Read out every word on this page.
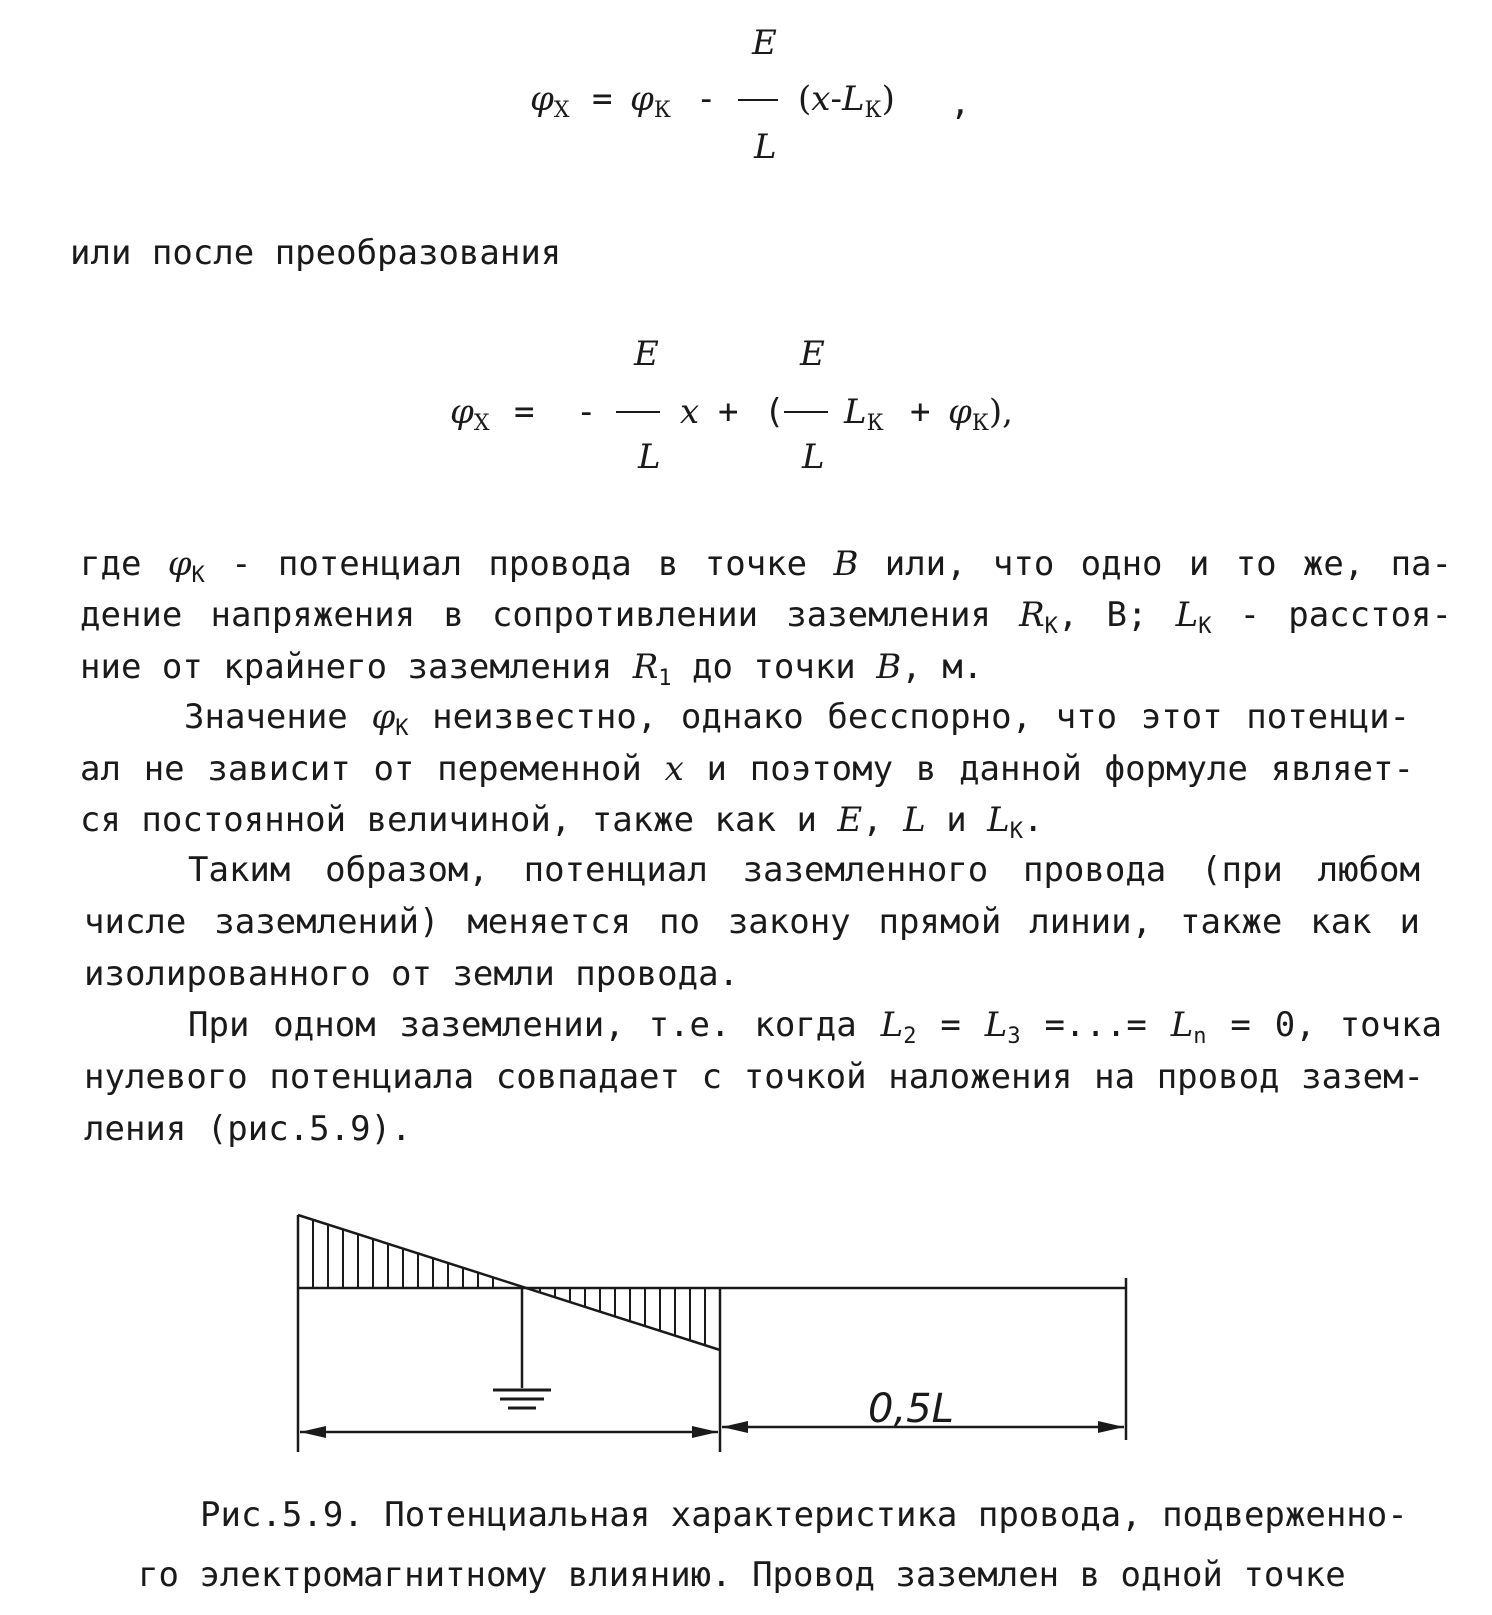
$\varphi_X = \varphi_К$ -
E
L
$(x-L_К)$ ,
или после преобразования
$\varphi_X$ = -
E
L
x + (
E
L
$L_К + \varphi_К$),
где $\varphi_К$ - потенциал провода в точке B или, что одно и то же, па-
дение напряжения в сопротивлении заземления $R_К$, В; $L_К$ - расстоя-
ние от крайнего заземления $R_1$ до точки B, м.
Значение $\varphi_К$ неизвестно, однако бесспорно, что этот потенци-
ал не зависит от переменной x и поэтому в данной формуле являет-
ся постоянной величиной, также как и E, L и $L_К$.
Таким образом, потенциал заземленного провода (при любом
числе заземлений) меняется по закону прямой линии, также как и
изолированного от земли провода.
При одном заземлении, т.е. когда $L_2 = L_3$ =...= $L_n = 0$, точка
нулевого потенциала совпадает с точкой наложения на провод зазем-
ления (рис.5.9).
0,5L
Рис.5.9. Потенциальная характеристика провода, подверженно-
го электромагнитному влиянию. Провод заземлен в одной точке
